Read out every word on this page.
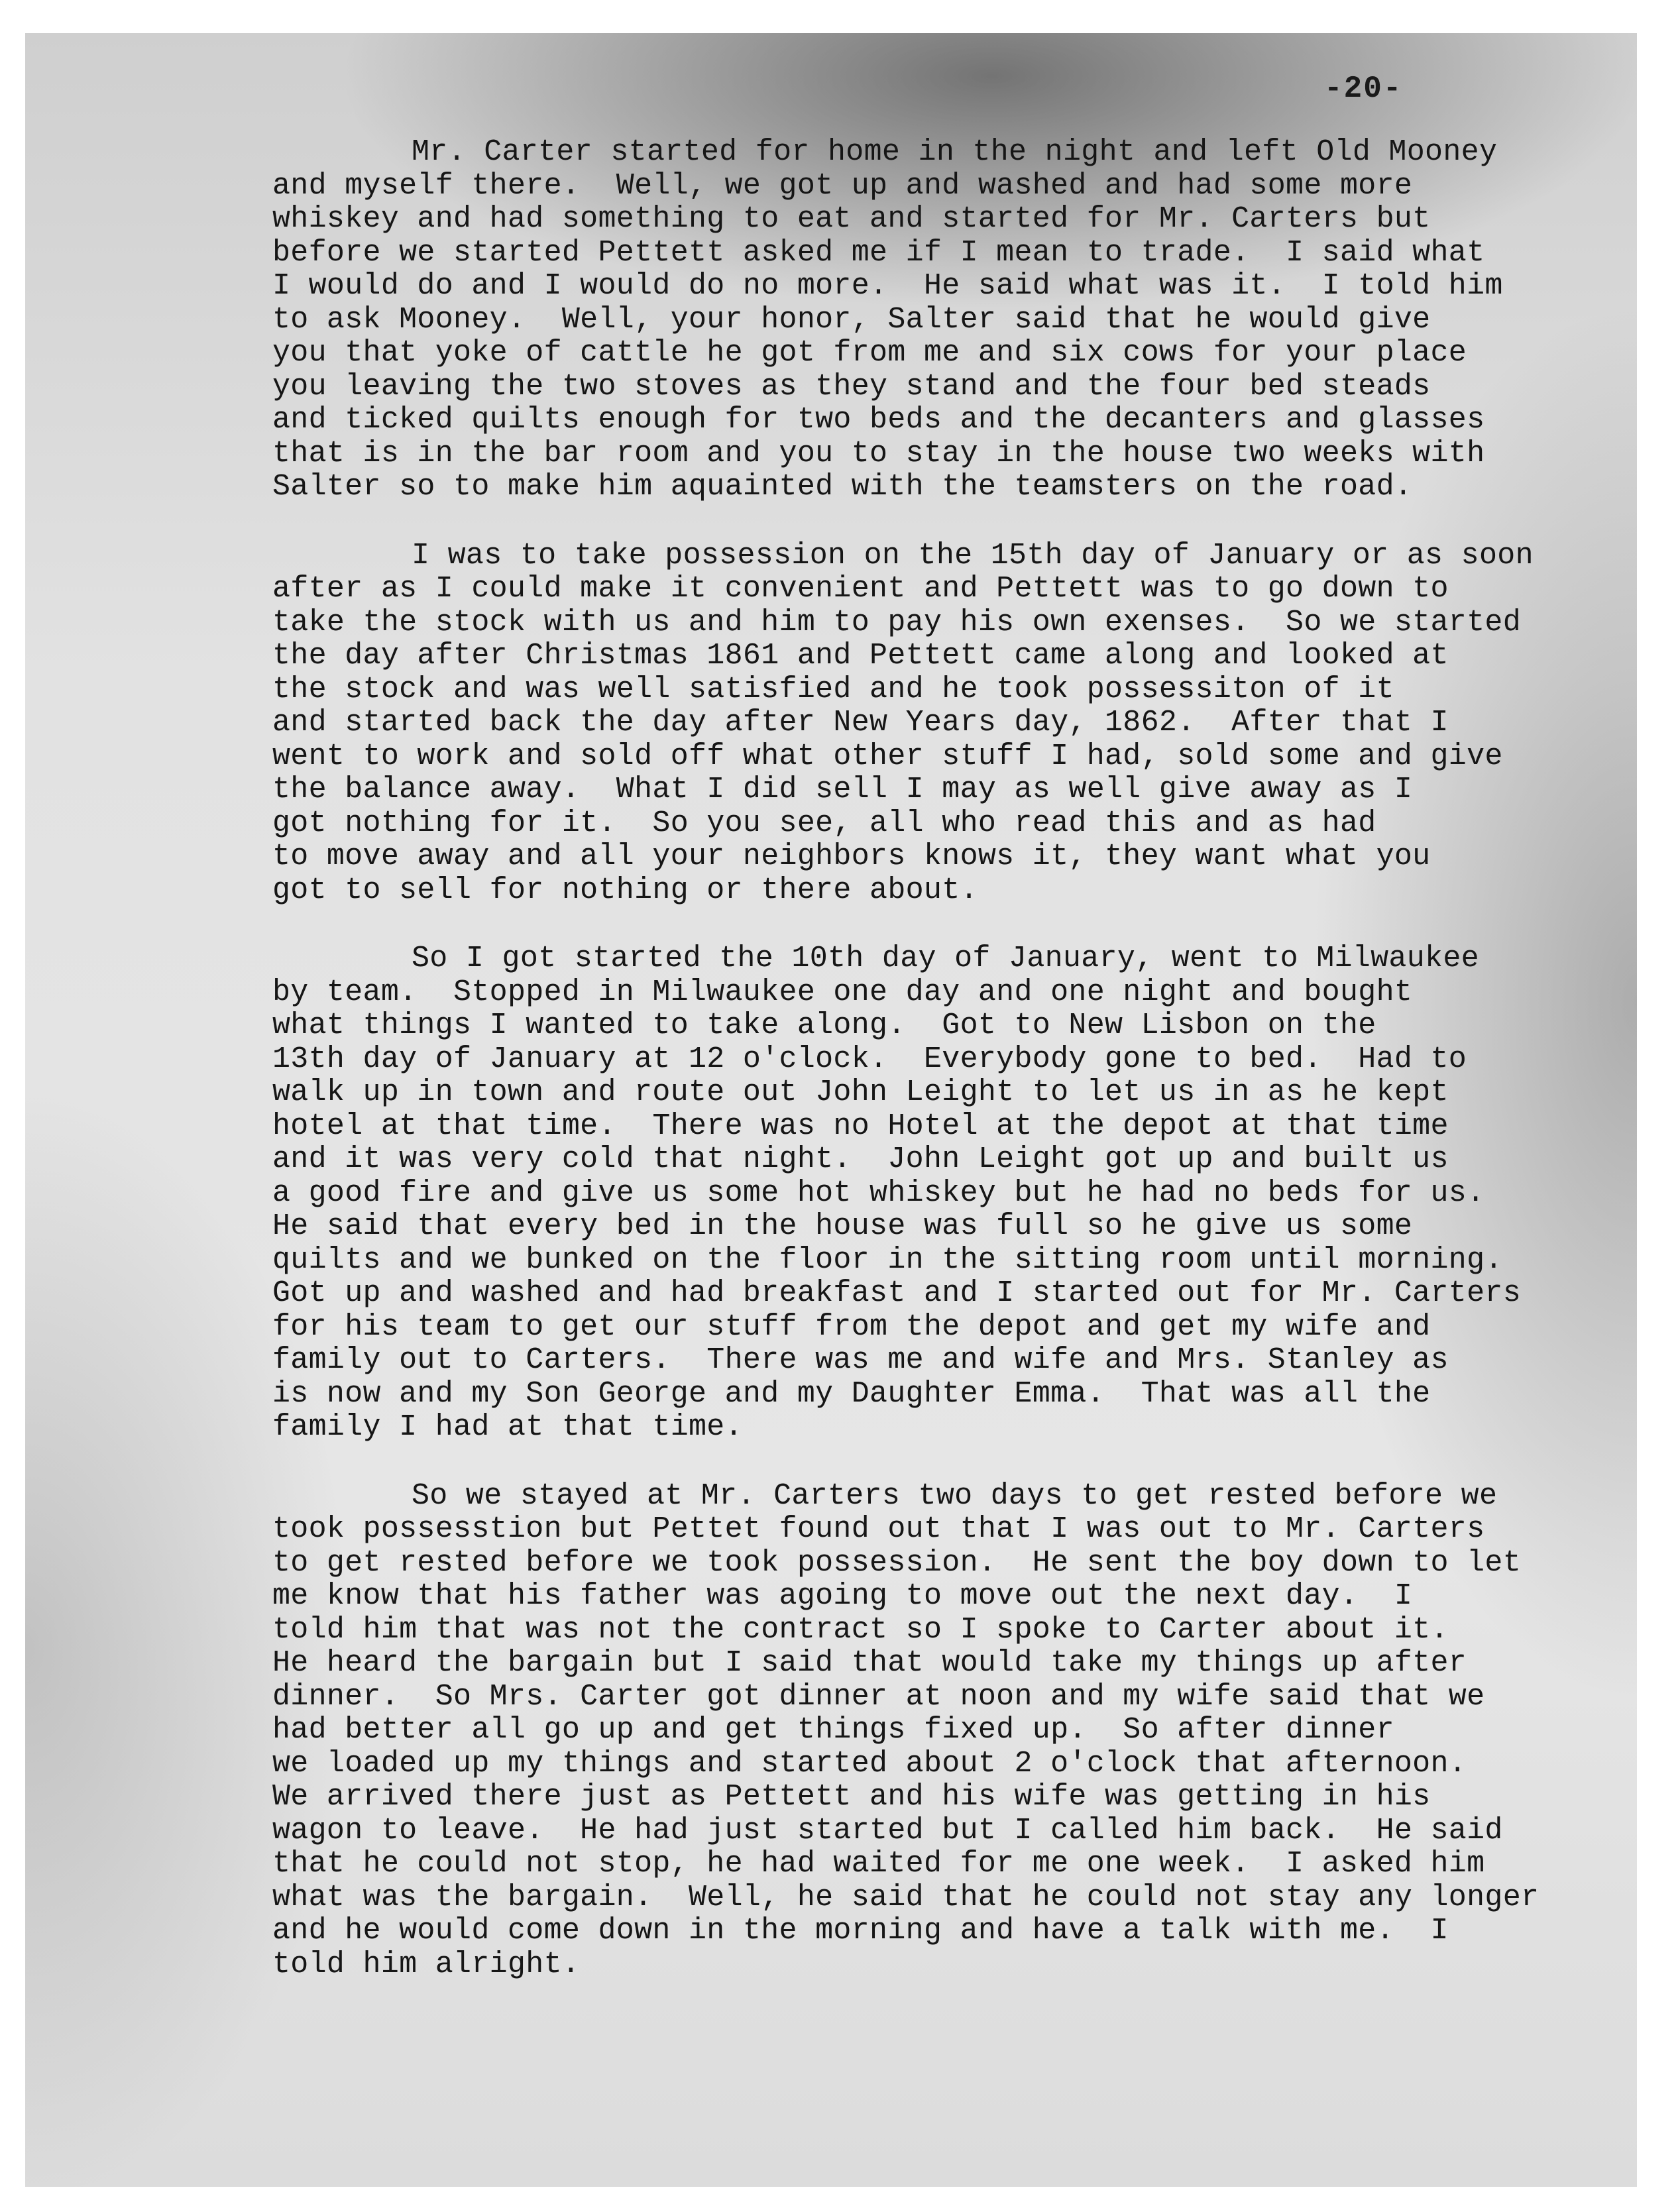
-20-

Mr. Carter started for home in the night and left Old Mooney
and myself there.  Well, we got up and washed and had some more
whiskey and had something to eat and started for Mr. Carters but
before we started Pettett asked me if I mean to trade.  I said what
I would do and I would do no more.  He said what was it.  I told him
to ask Mooney.  Well, your honor, Salter said that he would give
you that yoke of cattle he got from me and six cows for your place
you leaving the two stoves as they stand and the four bed steads
and ticked quilts enough for two beds and the decanters and glasses
that is in the bar room and you to stay in the house two weeks with
Salter so to make him aquainted with the teamsters on the road.

I was to take possession on the 15th day of January or as soon
after as I could make it convenient and Pettett was to go down to
take the stock with us and him to pay his own exenses.  So we started
the day after Christmas 1861 and Pettett came along and looked at
the stock and was well satisfied and he took possessiton of it
and started back the day after New Years day, 1862.  After that I
went to work and sold off what other stuff I had, sold some and give
the balance away.  What I did sell I may as well give away as I
got nothing for it.  So you see, all who read this and as had
to move away and all your neighbors knows it, they want what you
got to sell for nothing or there about.

So I got started the 10th day of January, went to Milwaukee
by team.  Stopped in Milwaukee one day and one night and bought
what things I wanted to take along.  Got to New Lisbon on the
13th day of January at 12 o'clock.  Everybody gone to bed.  Had to
walk up in town and route out John Leight to let us in as he kept
hotel at that time.  There was no Hotel at the depot at that time
and it was very cold that night.  John Leight got up and built us
a good fire and give us some hot whiskey but he had no beds for us.
He said that every bed in the house was full so he give us some
quilts and we bunked on the floor in the sitting room until morning.
Got up and washed and had breakfast and I started out for Mr. Carters
for his team to get our stuff from the depot and get my wife and
family out to Carters.  There was me and wife and Mrs. Stanley as
is now and my Son George and my Daughter Emma.  That was all the
family I had at that time.

So we stayed at Mr. Carters two days to get rested before we
took possesstion but Pettet found out that I was out to Mr. Carters
to get rested before we took possession.  He sent the boy down to let
me know that his father was agoing to move out the next day.  I
told him that was not the contract so I spoke to Carter about it.
He heard the bargain but I said that would take my things up after
dinner.  So Mrs. Carter got dinner at noon and my wife said that we
had better all go up and get things fixed up.  So after dinner
we loaded up my things and started about 2 o'clock that afternoon.
We arrived there just as Pettett and his wife was getting in his
wagon to leave.  He had just started but I called him back.  He said
that he could not stop, he had waited for me one week.  I asked him
what was the bargain.  Well, he said that he could not stay any longer
and he would come down in the morning and have a talk with me.  I
told him alright.
